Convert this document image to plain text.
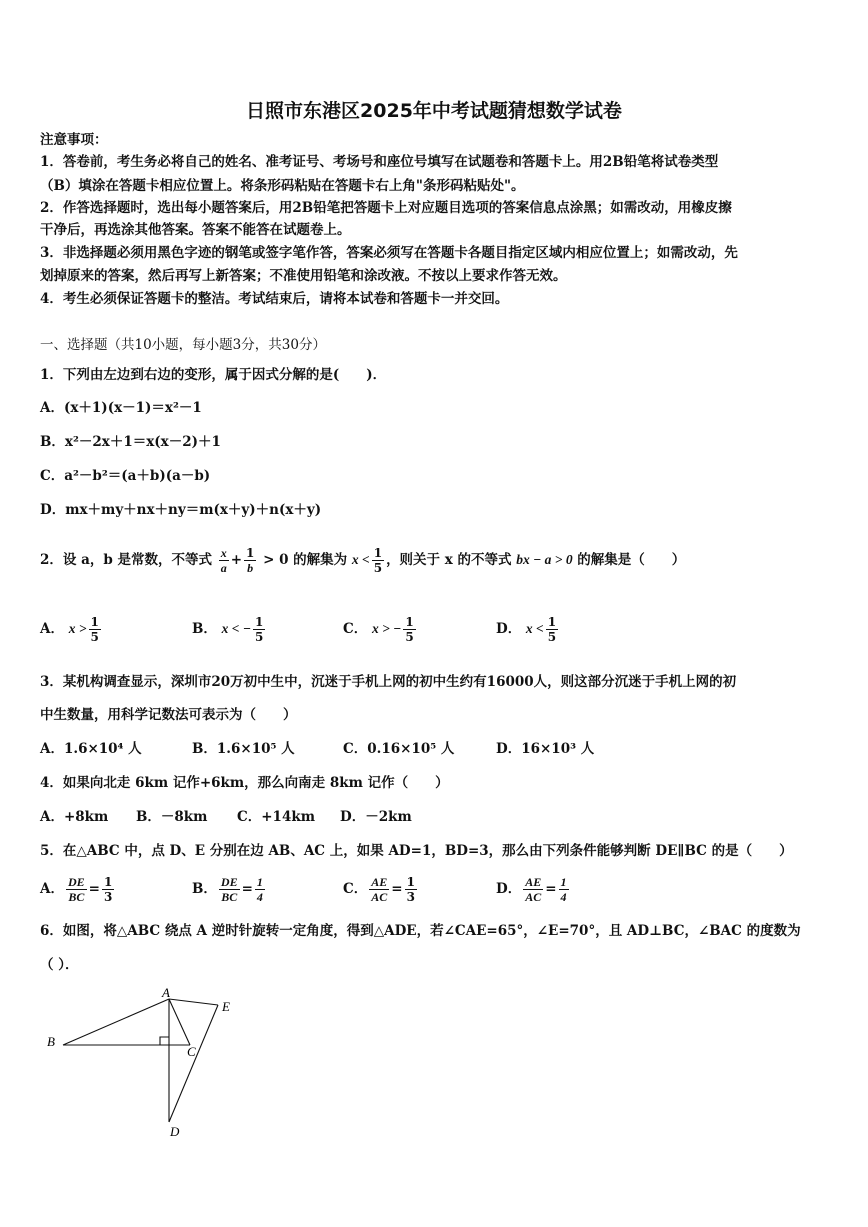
日照市东港区2025年中考试题猜想数学试卷
注意事项：
1．答卷前，考生务必将自己的姓名、准考证号、考场号和座位号填写在试题卷和答题卡上。用2B铅笔将试卷类型
（B）填涂在答题卡相应位置上。将条形码粘贴在答题卡右上角"条形码粘贴处"。
2．作答选择题时，选出每小题答案后，用2B铅笔把答题卡上对应题目选项的答案信息点涂黑；如需改动，用橡皮擦
干净后，再选涂其他答案。答案不能答在试题卷上。
3．非选择题必须用黑色字迹的钢笔或签字笔作答，答案必须写在答题卡各题目指定区域内相应位置上；如需改动，先
划掉原来的答案，然后再写上新答案；不准使用铅笔和涂改液。不按以上要求作答无效。
4．考生必须保证答题卡的整洁。考试结束后，请将本试卷和答题卡一并交回。
一、选择题（共10小题，每小题3分，共30分）
1．下列由左边到右边的变形，属于因式分解的是(　　)．
A．(x＋1)(x－1)＝x²－1
B．x²－2x＋1＝x(x－2)＋1
C．a²－b²＝(a＋b)(a－b)
D．mx＋my＋nx＋ny＝m(x＋y)＋n(x＋y)
2．设 a，b 是常数，不等式 $\frac{x}{a} + \frac{1}{b} > 0$ 的解集为 $x < \frac{1}{5}$ ，则关于 x 的不等式 bx − a > 0 的解集是（　　）
A． $x > \frac{1}{5}$	B． x < − $\frac{1}{5}$	C． x > − $\frac{1}{5}$	D． $x < \frac{1}{5}$
3．某机构调查显示，深圳市20万初中生中，沉迷于手机上网的初中生约有16000人，则这部分沉迷于手机上网的初
中生数量，用科学记数法可表示为（　　）
A．1.6×10⁴ 人	B．1.6×10⁵ 人	C．0.16×10⁵ 人	D．16×10³ 人
4．如果向北走 6km 记作+6km，那么向南走 8km 记作（　　）
A．+8km B．－8km C．+14km D．－2km
5．在△ABC 中，点 D、E 分别在边 AB、AC 上，如果 AD=1，BD=3，那么由下列条件能够判断 DE∥BC 的是（　　）
A． $\frac{DE}{BC} = \frac{1}{3}$	B． $\frac{DE}{BC} = \frac{1}{4}$	C． $\frac{AE}{AC} = \frac{1}{3}$	D． $\frac{AE}{AC} = \frac{1}{4}$
6．如图，将△ABC 绕点 A 逆时针旋转一定角度，得到△ADE，若∠CAE=65°，∠E=70°，且 AD⊥BC，∠BAC 的度数为
（ ）．
A
B
C
D
E
